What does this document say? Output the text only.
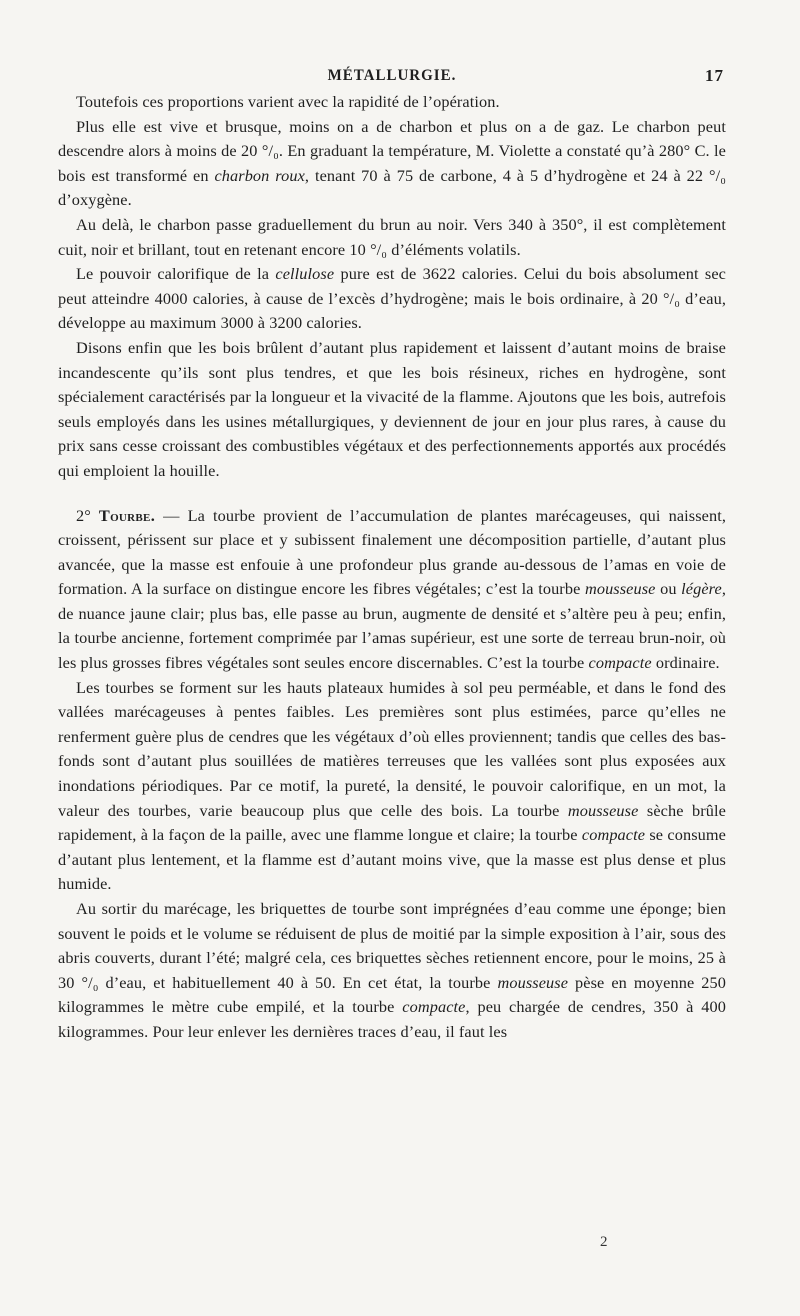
MÉTALLURGIE.	17

Toutefois ces proportions varient avec la rapidité de l’opération.

Plus elle est vive et brusque, moins on a de charbon et plus on a de gaz. Le charbon peut descendre alors à moins de 20 °/₀. En graduant la température, M. Violette a constaté qu’à 280° C. le bois est transformé en charbon roux, tenant 70 à 75 de carbone, 4 à 5 d’hydrogène et 24 à 22 °/₀ d’oxygène.

Au delà, le charbon passe graduellement du brun au noir. Vers 340 à 350°, il est complètement cuit, noir et brillant, tout en retenant encore 10 °/₀ d’éléments volatils.

Le pouvoir calorifique de la cellulose pure est de 3622 calories. Celui du bois absolument sec peut atteindre 4000 calories, à cause de l’excès d’hydrogène; mais le bois ordinaire, à 20 °/₀ d’eau, développe au maximum 3000 à 3200 calories.

Disons enfin que les bois brûlent d’autant plus rapidement et laissent d’autant moins de braise incandescente qu’ils sont plus tendres, et que les bois résineux, riches en hydrogène, sont spécialement caractérisés par la longueur et la vivacité de la flamme. Ajoutons que les bois, autrefois seuls employés dans les usines métallurgiques, y deviennent de jour en jour plus rares, à cause du prix sans cesse croissant des combustibles végétaux et des perfectionnements apportés aux procédés qui emploient la houille.

2° Tourbe. — La tourbe provient de l’accumulation de plantes marécageuses, qui naissent, croissent, périssent sur place et y subissent finalement une décomposition partielle, d’autant plus avancée, que la masse est enfouie à une profondeur plus grande au-dessous de l’amas en voie de formation. A la surface on distingue encore les fibres végétales; c’est la tourbe mousseuse ou légère, de nuance jaune clair; plus bas, elle passe au brun, augmente de densité et s’altère peu à peu; enfin, la tourbe ancienne, fortement comprimée par l’amas supérieur, est une sorte de terreau brun-noir, où les plus grosses fibres végétales sont seules encore discernables. C’est la tourbe compacte ordinaire.

Les tourbes se forment sur les hauts plateaux humides à sol peu perméable, et dans le fond des vallées marécageuses à pentes faibles. Les premières sont plus estimées, parce qu’elles ne renferment guère plus de cendres que les végétaux d’où elles proviennent; tandis que celles des bas-fonds sont d’autant plus souillées de matières terreuses que les vallées sont plus exposées aux inondations périodiques. Par ce motif, la pureté, la densité, le pouvoir calorifique, en un mot, la valeur des tourbes, varie beaucoup plus que celle des bois. La tourbe mousseuse sèche brûle rapidement, à la façon de la paille, avec une flamme longue et claire; la tourbe compacte se consume d’autant plus lentement, et la flamme est d’autant moins vive, que la masse est plus dense et plus humide.

Au sortir du marécage, les briquettes de tourbe sont imprégnées d’eau comme une éponge; bien souvent le poids et le volume se réduisent de plus de moitié par la simple exposition à l’air, sous des abris couverts, durant l’été; malgré cela, ces briquettes sèches retiennent encore, pour le moins, 25 à 30 °/₀ d’eau, et habituellement 40 à 50. En cet état, la tourbe mousseuse pèse en moyenne 250 kilogrammes le mètre cube empilé, et la tourbe compacte, peu chargée de cendres, 350 à 400 kilogrammes. Pour leur enlever les dernières traces d’eau, il faut les

2
